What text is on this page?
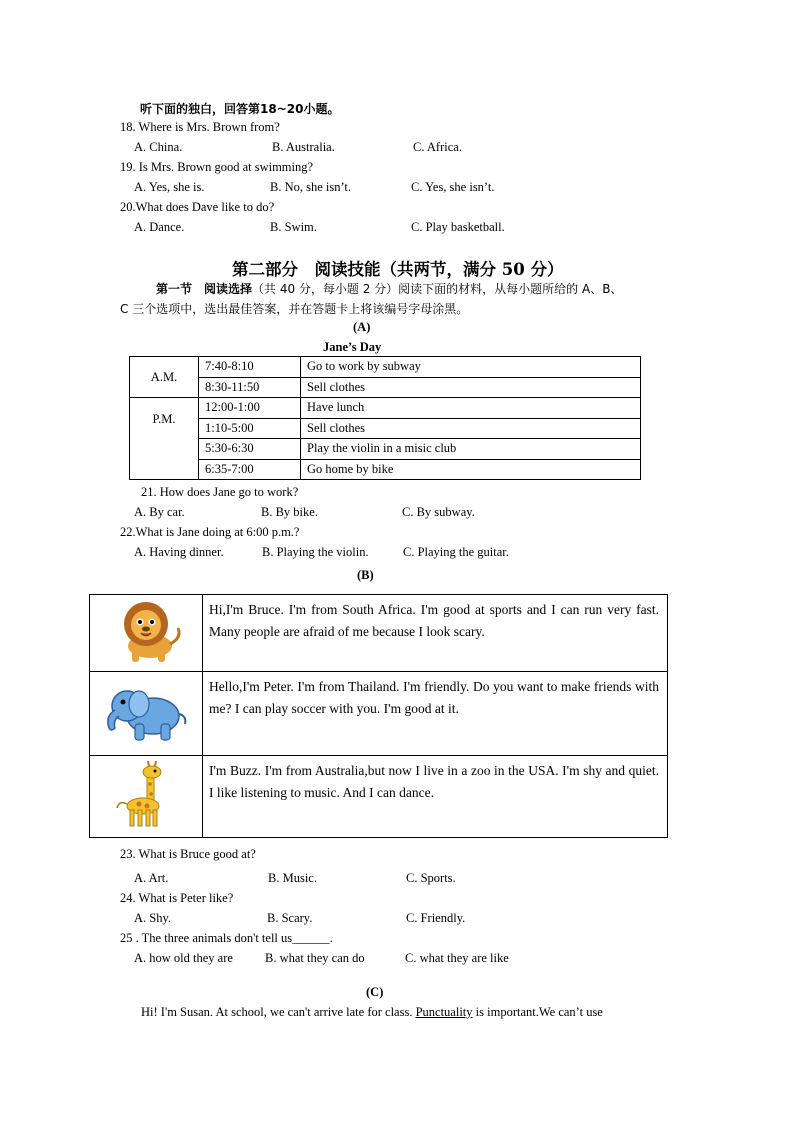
听下面的独白，回答第18~20小题。
18. Where is Mrs. Brown from?
A. China.	B. Australia.	C. Africa.
19. Is Mrs. Brown good at swimming?
A. Yes, she is.	B. No, she isn’t.	C. Yes, she isn’t.
20.What does Dave like to do?
A. Dance.	B. Swim.	C. Play basketball.
第二部分　阅读技能（共两节，满分 50 分）
第一节　阅读选择（共 40 分，每小题 2 分）阅读下面的材料，从每小题所给的 A、B、
C 三个选项中，选出最佳答案，并在答题卡上将该编号字母涂黑。
(A)
Jane’s Day
A.M.	7:40-8:10	Go to work by subway
	8:30-11:50	Sell clothes
P.M.	12:00-1:00	Have lunch
	1:10-5:00	Sell clothes
	5:30-6:30	Play the violin in a misic club
	6:35-7:00	Go home by bike
21. How does Jane go to work?
A. By car.	B. By bike.	C. By subway.
22.What is Jane doing at 6:00 p.m.?
A. Having dinner.	B. Playing the violin.	C. Playing the guitar.
(B)
	Hi,I'm Bruce. I'm from South Africa. I'm good at sports and I can run very fast. Many people are afraid of me because I look scary.
	Hello,I'm Peter. I'm from Thailand. I'm friendly. Do you want to make friends with me? I can play soccer with you. I'm good at it.
	I'm Buzz. I'm from Australia,but now I live in a zoo in the USA. I'm shy and quiet. I like listening to music. And I can dance.
23. What is Bruce good at?
A. Art.	B. Music.	C. Sports.
24. What is Peter like?
A. Shy.	B. Scary.	C. Friendly.
25 . The three animals don't tell us______.
A. how old they are	B. what they can do	C. what they are like
(C)
Hi! I'm Susan. At school, we can't arrive late for class. Punctuality is important.We can’t use
